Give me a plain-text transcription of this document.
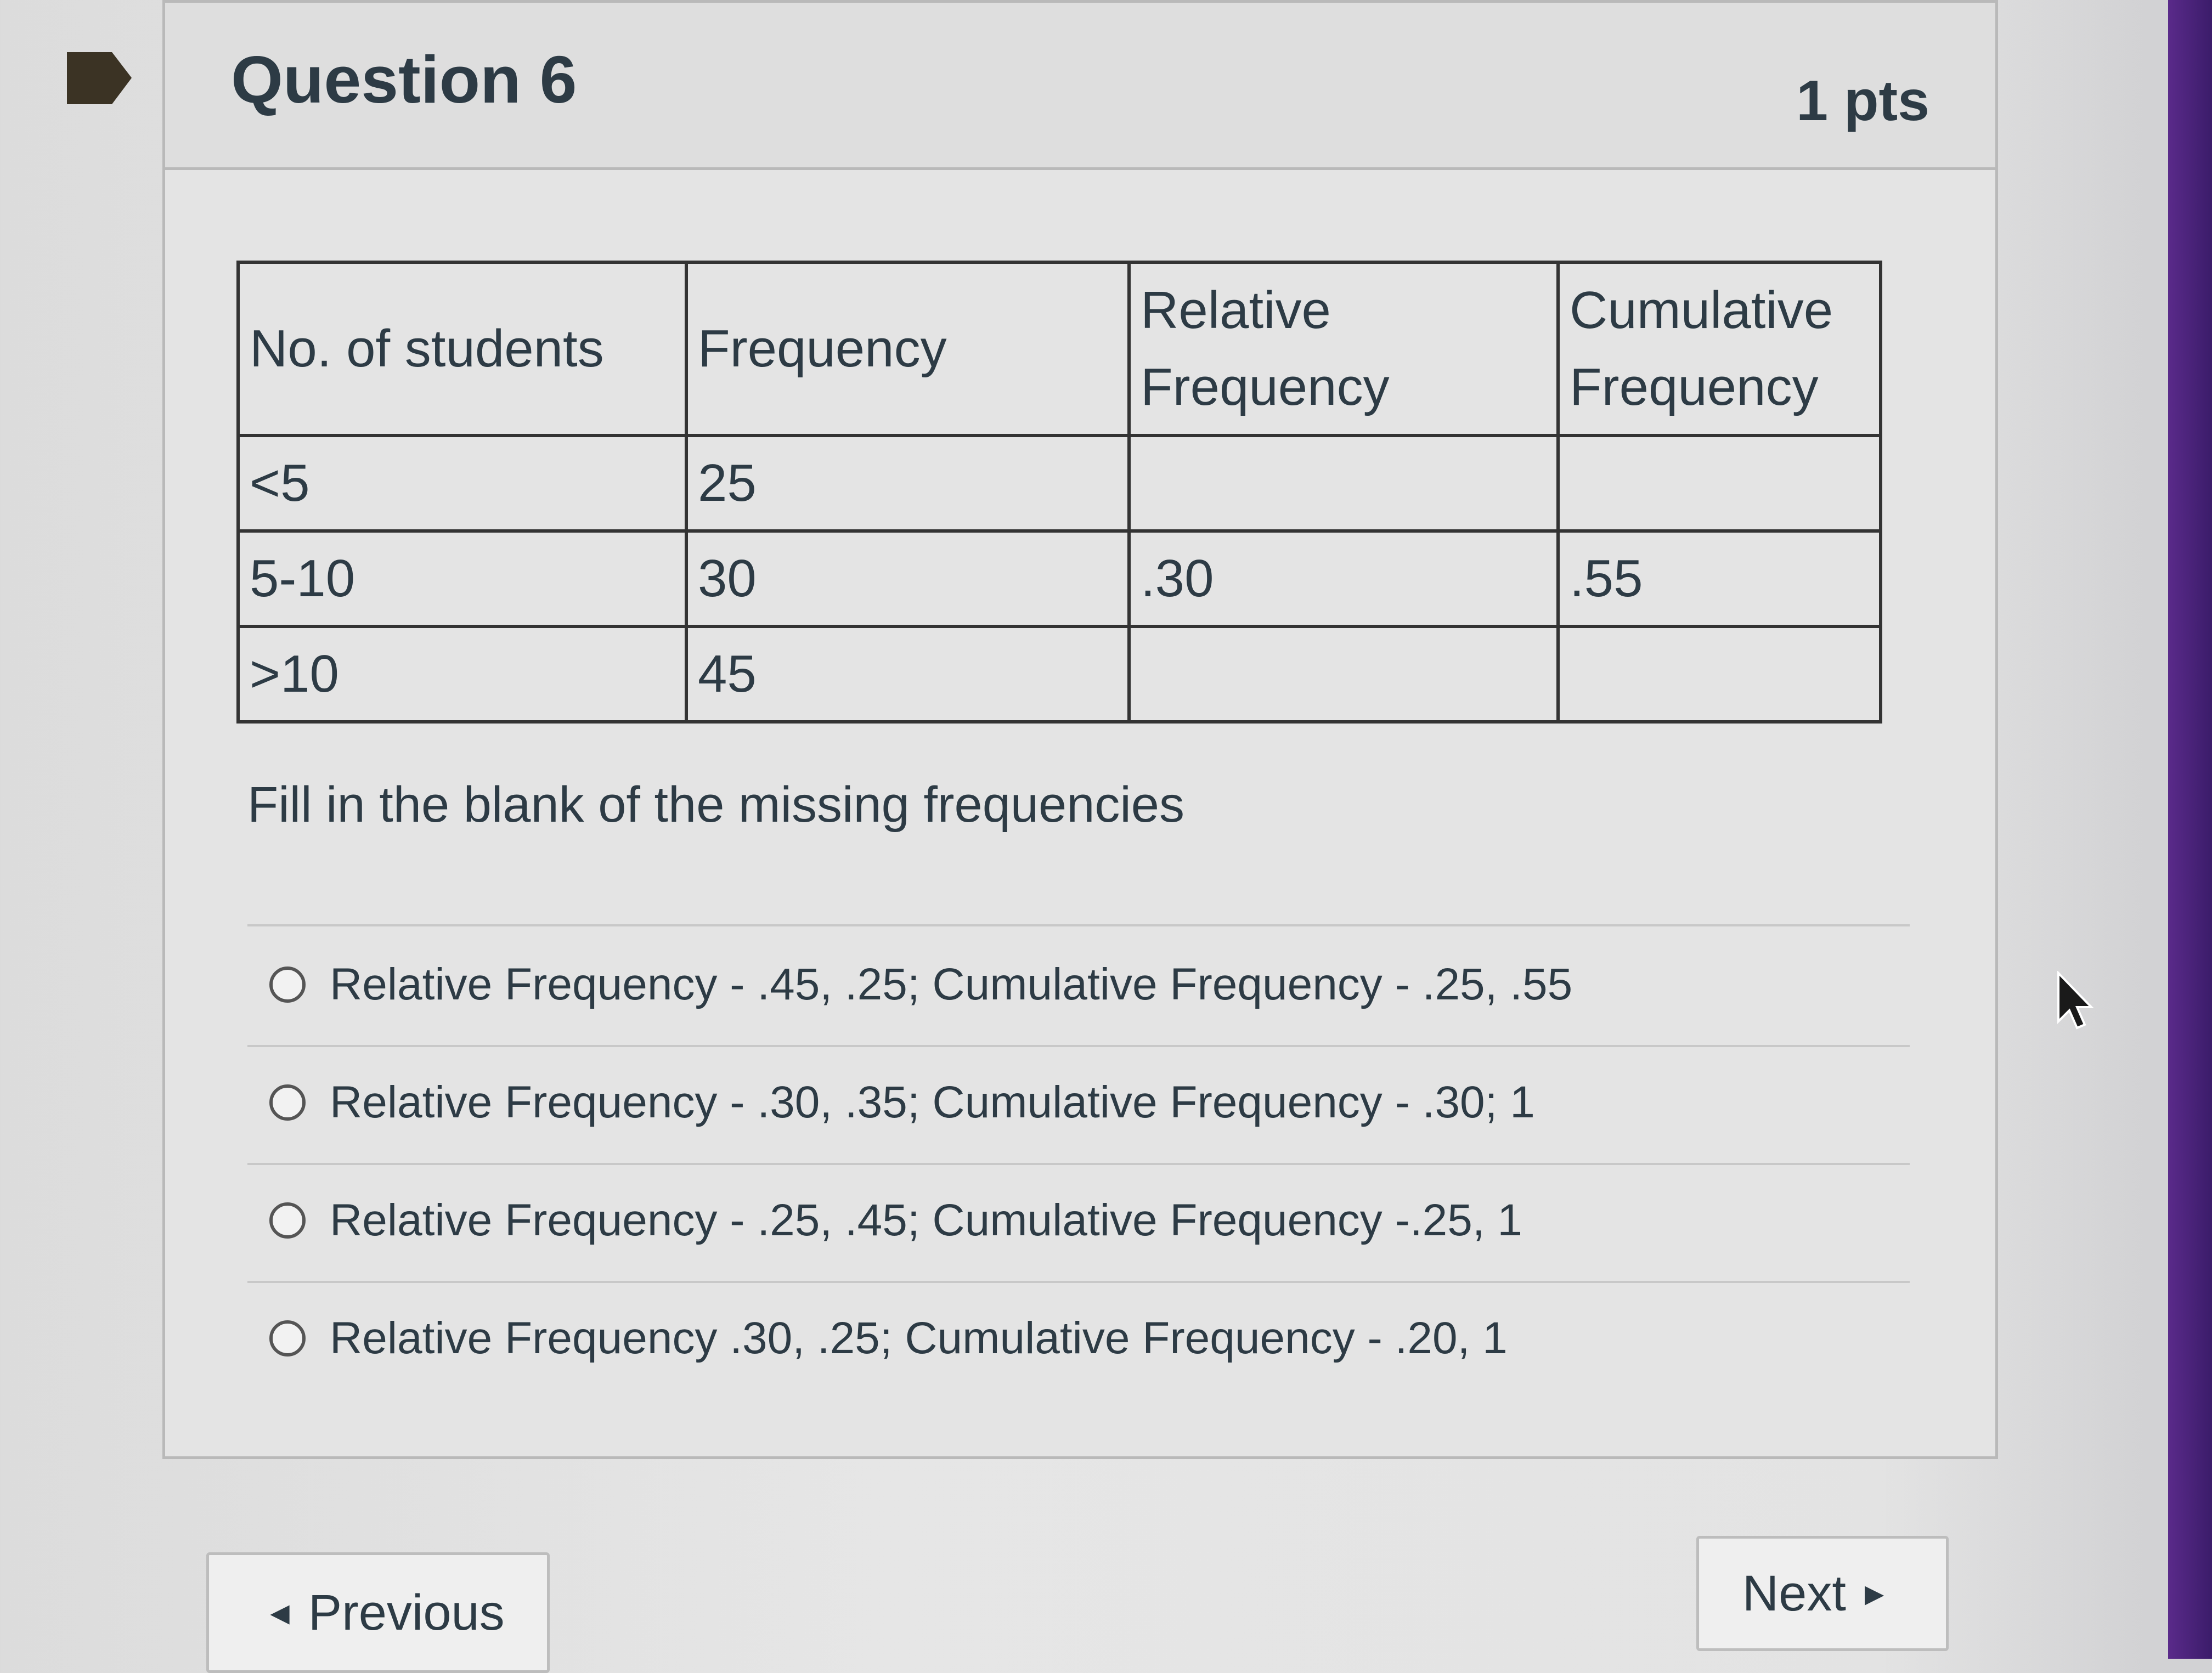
Question 6	1 pts
No. of students	Frequency	Relative Frequency	Cumulative Frequency
<5	25		
5-10	30	.30	.55
>10	45		
Fill in the blank of the missing frequencies
Relative Frequency - .45, .25; Cumulative Frequency - .25, .55
Relative Frequency - .30, .35; Cumulative Frequency - .30; 1
Relative Frequency - .25, .45; Cumulative Frequency -.25, 1
Relative Frequency .30, .25; Cumulative Frequency - .20, 1
◀ Previous	Next ▶
